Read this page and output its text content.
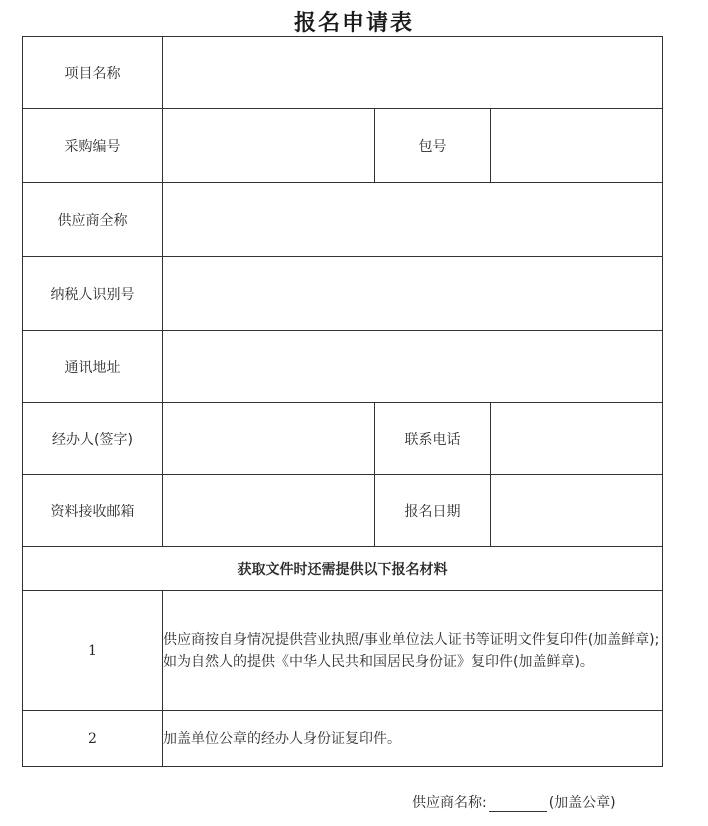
报名申请表
项目名称			
采购编号		包号	
供应商全称			
纳税人识别号			
通讯地址			
经办人(签字)		联系电话	
资料接收邮箱		报名日期	
获取文件时还需提供以下报名材料			
1	供应商按自身情况提供营业执照/事业单位法人证书等证明文件复印件(加盖鲜章);如为自然人的提供《中华人民共和国居民身份证》复印件(加盖鲜章)。		
2	加盖单位公章的经办人身份证复印件。		
供应商名称:	(加盖公章)
